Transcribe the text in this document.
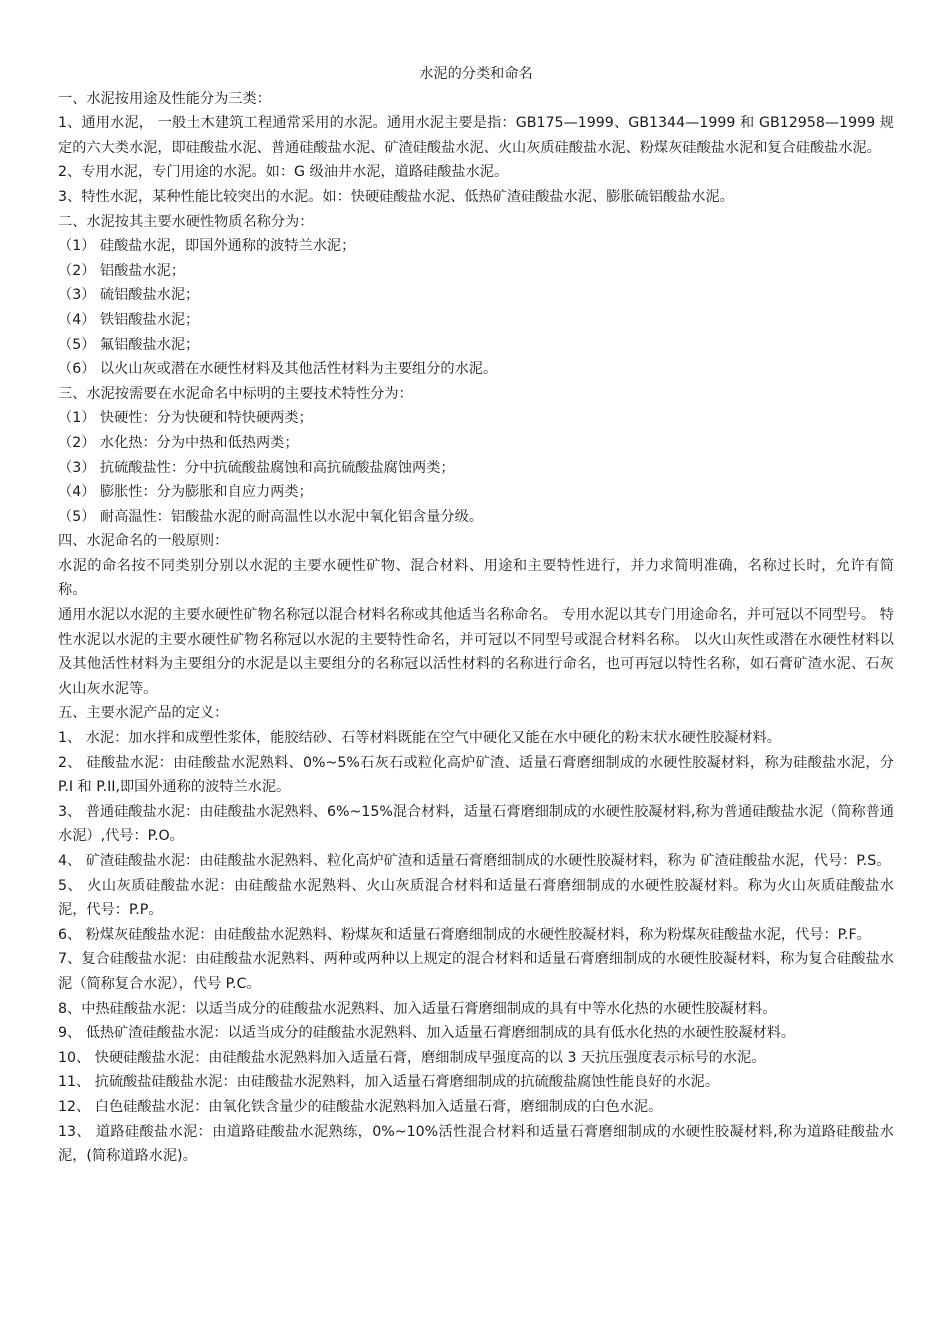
水泥的分类和命名

一、水泥按用途及性能分为三类：

1、通用水泥， 一般土木建筑工程通常采用的水泥。通用水泥主要是指：GB175—1999、GB1344—1999 和 GB12958—1999 规定的六大类水泥，即硅酸盐水泥、普通硅酸盐水泥、矿渣硅酸盐水泥、火山灰质硅酸盐水泥、粉煤灰硅酸盐水泥和复合硅酸盐水泥。

2、专用水泥，专门用途的水泥。如：G 级油井水泥，道路硅酸盐水泥。

3、特性水泥，某种性能比较突出的水泥。如：快硬硅酸盐水泥、低热矿渣硅酸盐水泥、膨胀硫铝酸盐水泥。

二、水泥按其主要水硬性物质名称分为：

（1） 硅酸盐水泥，即国外通称的波特兰水泥；

（2） 铝酸盐水泥；

（3） 硫铝酸盐水泥；

（4） 铁铝酸盐水泥；

（5） 氟铝酸盐水泥；

（6） 以火山灰或潜在水硬性材料及其他活性材料为主要组分的水泥。

三、水泥按需要在水泥命名中标明的主要技术特性分为：

（1） 快硬性：分为快硬和特快硬两类；

（2） 水化热：分为中热和低热两类；

（3） 抗硫酸盐性：分中抗硫酸盐腐蚀和高抗硫酸盐腐蚀两类；

（4） 膨胀性：分为膨胀和自应力两类；

（5） 耐高温性：铝酸盐水泥的耐高温性以水泥中氧化铝含量分级。

四、水泥命名的一般原则：

水泥的命名按不同类别分别以水泥的主要水硬性矿物、混合材料、用途和主要特性进行，并力求简明准确，名称过长时，允许有简称。

通用水泥以水泥的主要水硬性矿物名称冠以混合材料名称或其他适当名称命名。 专用水泥以其专门用途命名，并可冠以不同型号。 特性水泥以水泥的主要水硬性矿物名称冠以水泥的主要特性命名，并可冠以不同型号或混合材料名称。 以火山灰性或潜在水硬性材料以及其他活性材料为主要组分的水泥是以主要组分的名称冠以活性材料的名称进行命名，也可再冠以特性名称，如石膏矿渣水泥、石灰火山灰水泥等。

五、主要水泥产品的定义：

1、 水泥：加水拌和成塑性浆体，能胶结砂、石等材料既能在空气中硬化又能在水中硬化的粉末状水硬性胶凝材料。

2、 硅酸盐水泥：由硅酸盐水泥熟料、0%~5%石灰石或粒化高炉矿渣、适量石膏磨细制成的水硬性胶凝材料，称为硅酸盐水泥，分 P.I 和 P.II,即国外通称的波特兰水泥。

3、 普通硅酸盐水泥：由硅酸盐水泥熟料、6%~15%混合材料，适量石膏磨细制成的水硬性胶凝材料,称为普通硅酸盐水泥（简称普通水泥）,代号：P.O。

4、 矿渣硅酸盐水泥：由硅酸盐水泥熟料、粒化高炉矿渣和适量石膏磨细制成的水硬性胶凝材料，称为 矿渣硅酸盐水泥，代号：P.S。

5、 火山灰质硅酸盐水泥：由硅酸盐水泥熟料、火山灰质混合材料和适量石膏磨细制成的水硬性胶凝材料。称为火山灰质硅酸盐水泥，代号：P.P。

6、 粉煤灰硅酸盐水泥：由硅酸盐水泥熟料、粉煤灰和适量石膏磨细制成的水硬性胶凝材料，称为粉煤灰硅酸盐水泥，代号：P.F。

7、复合硅酸盐水泥：由硅酸盐水泥熟料、两种或两种以上规定的混合材料和适量石膏磨细制成的水硬性胶凝材料，称为复合硅酸盐水泥（简称复合水泥），代号 P.C。

8、中热硅酸盐水泥：以适当成分的硅酸盐水泥熟料、加入适量石膏磨细制成的具有中等水化热的水硬性胶凝材料。

9、 低热矿渣硅酸盐水泥：以适当成分的硅酸盐水泥熟料、加入适量石膏磨细制成的具有低水化热的水硬性胶凝材料。

10、 快硬硅酸盐水泥：由硅酸盐水泥熟料加入适量石膏，磨细制成早强度高的以 3 天抗压强度表示标号的水泥。

11、 抗硫酸盐硅酸盐水泥：由硅酸盐水泥熟料，加入适量石膏磨细制成的抗硫酸盐腐蚀性能良好的水泥。

12、 白色硅酸盐水泥：由氧化铁含量少的硅酸盐水泥熟料加入适量石膏，磨细制成的白色水泥。

13、 道路硅酸盐水泥：由道路硅酸盐水泥熟练，0%~10%活性混合材料和适量石膏磨细制成的水硬性胶凝材料,称为道路硅酸盐水泥，(简称道路水泥)。
